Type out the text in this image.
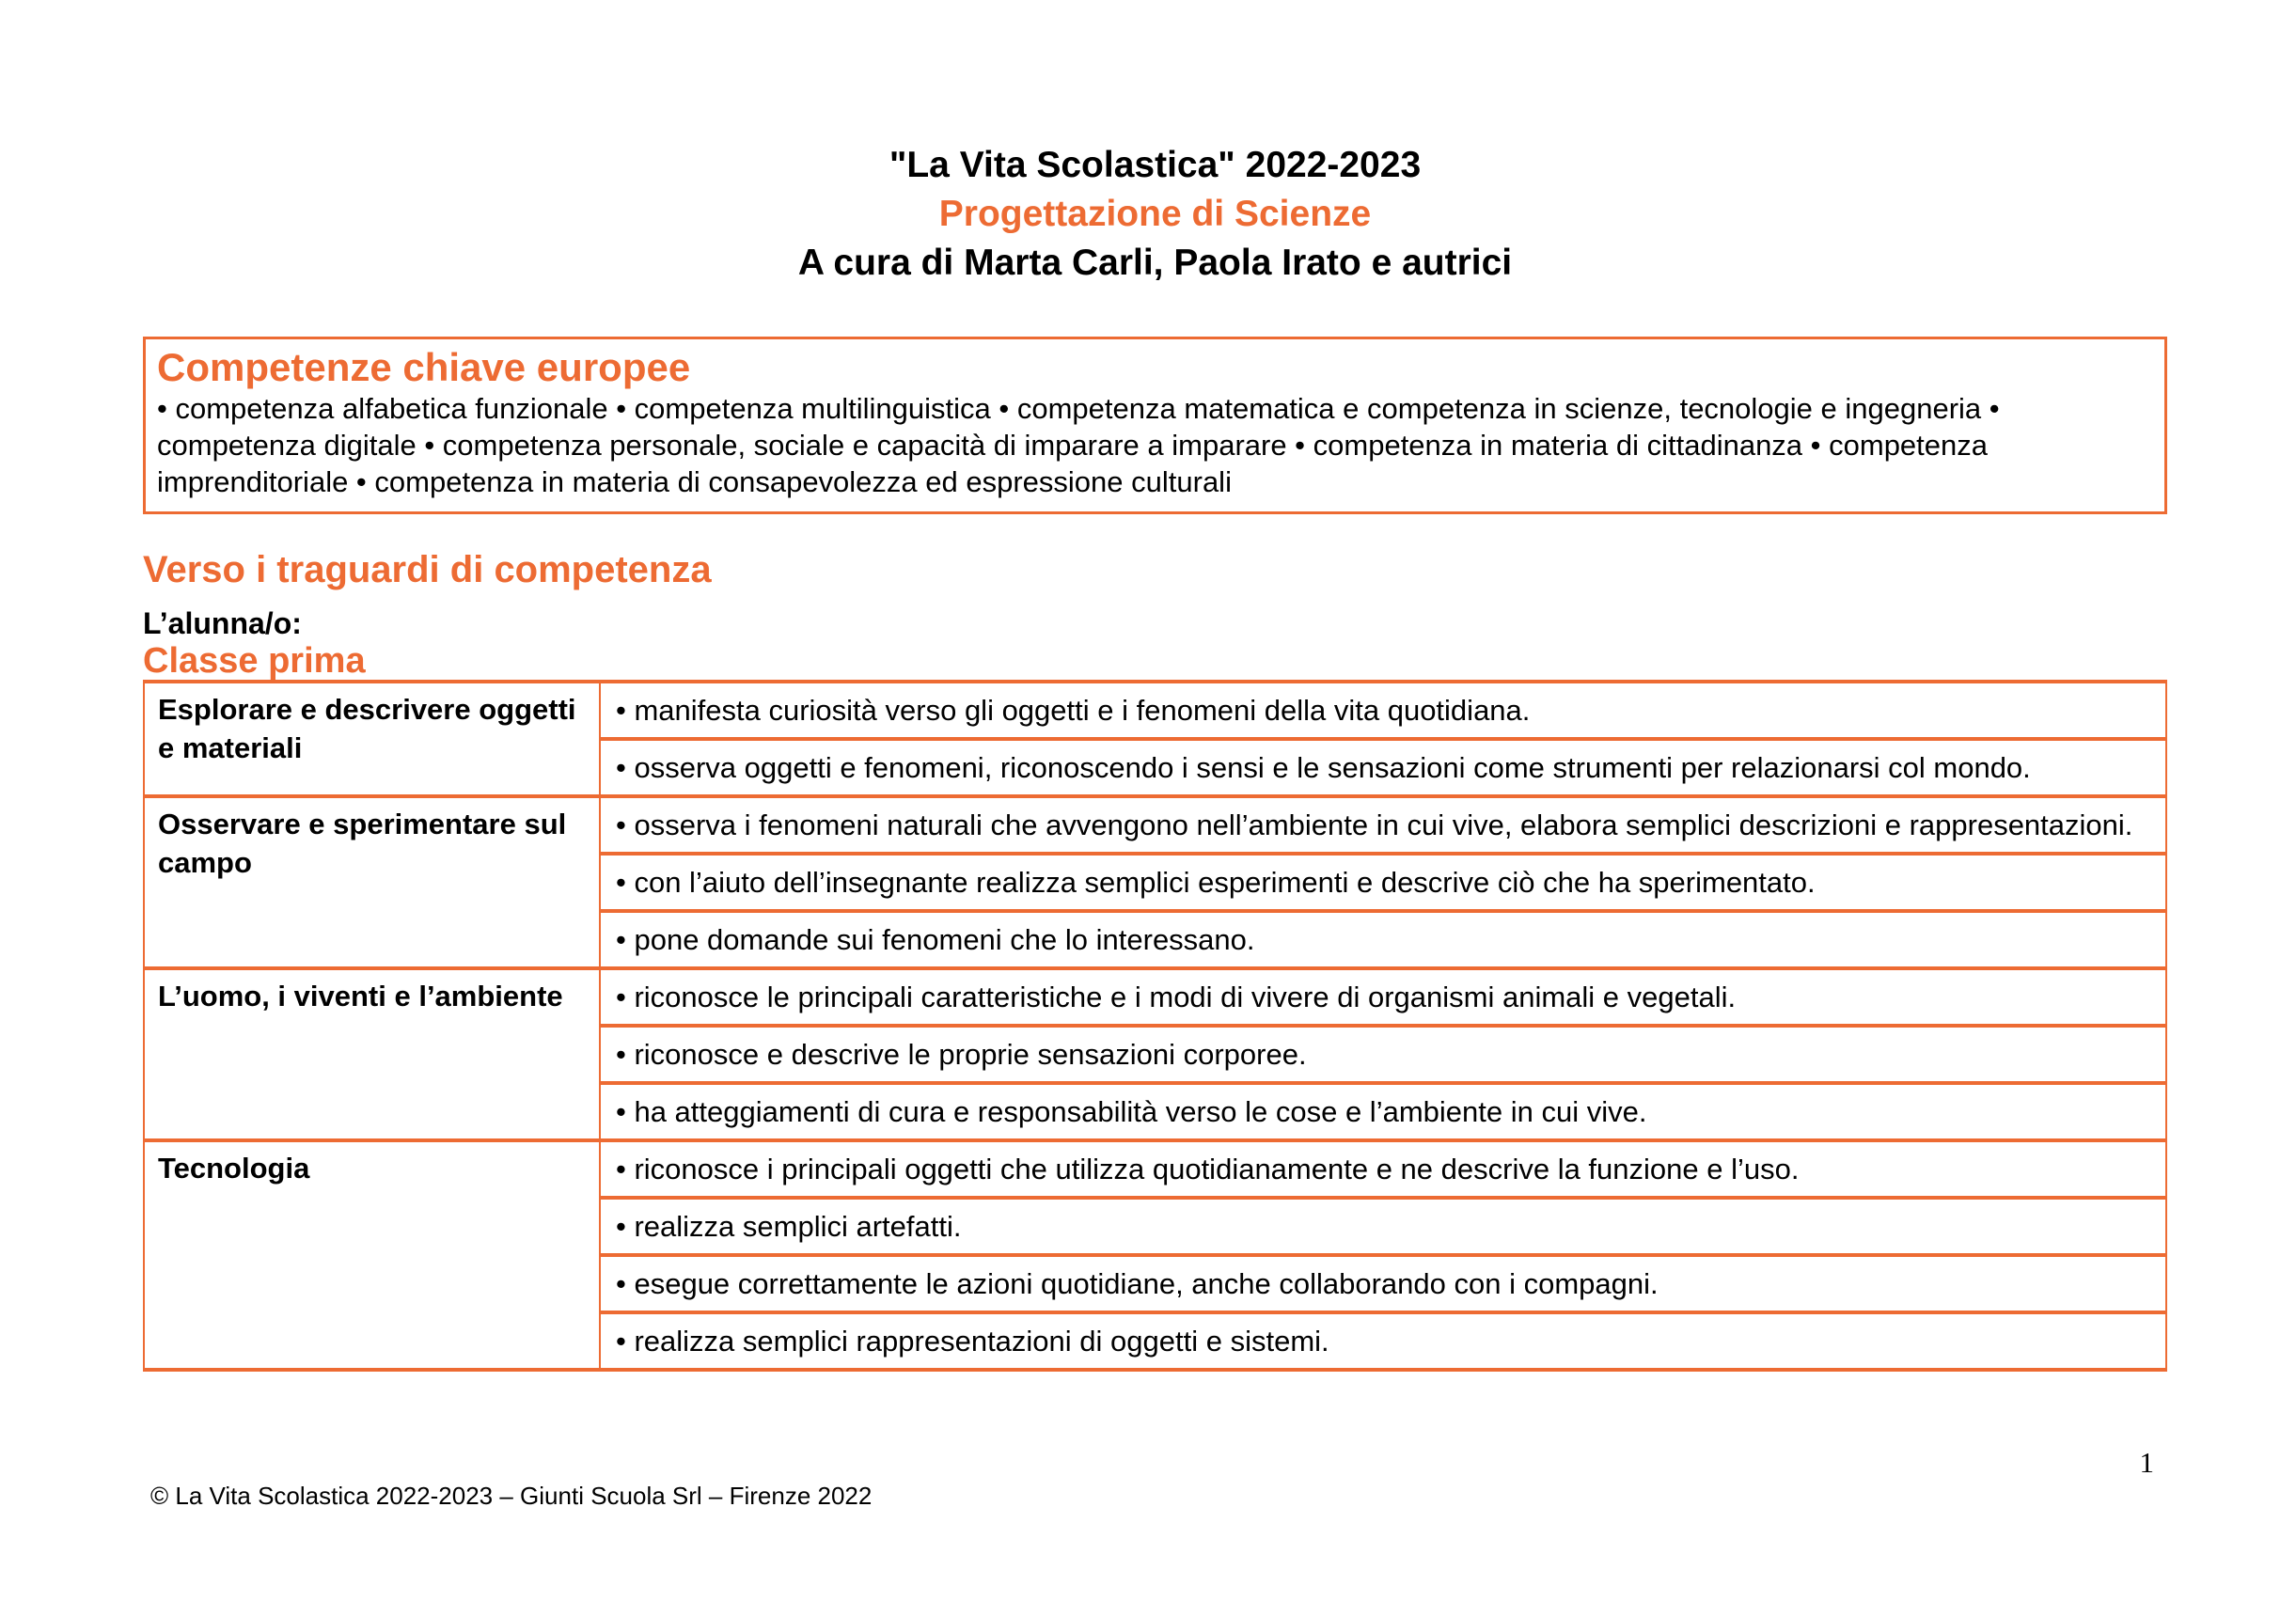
"La Vita Scolastica" 2022-2023
Progettazione di Scienze
A cura di Marta Carli, Paola Irato e autrici
Competenze chiave europee
• competenza alfabetica funzionale • competenza multilinguistica • competenza matematica e competenza in scienze, tecnologie e ingegneria • competenza digitale • competenza personale, sociale e capacità di imparare a imparare • competenza in materia di cittadinanza • competenza imprenditoriale • competenza in materia di consapevolezza ed espressione culturali
Verso i traguardi di competenza
L’alunna/o:
Classe prima
Esplorare e descrivere oggetti e materiali	• manifesta curiosità verso gli oggetti e i fenomeni della vita quotidiana.
	• osserva oggetti e fenomeni, riconoscendo i sensi e le sensazioni come strumenti per relazionarsi col mondo.
Osservare e sperimentare sul campo	• osserva i fenomeni naturali che avvengono nell’ambiente in cui vive, elabora semplici descrizioni e rappresentazioni.
	• con l’aiuto dell’insegnante realizza semplici esperimenti e descrive ciò che ha sperimentato.
	• pone domande sui fenomeni che lo interessano.
L’uomo, i viventi e l’ambiente	• riconosce le principali caratteristiche e i modi di vivere di organismi animali e vegetali.
	• riconosce e descrive le proprie sensazioni corporee.
	• ha atteggiamenti di cura e responsabilità verso le cose e l’ambiente in cui vive.
Tecnologia	• riconosce i principali oggetti che utilizza quotidianamente e ne descrive la funzione e l’uso.
	• realizza semplici artefatti.
	• esegue correttamente le azioni quotidiane, anche collaborando con i compagni.
	• realizza semplici rappresentazioni di oggetti e sistemi.
1
© La Vita Scolastica 2022-2023 – Giunti Scuola Srl – Firenze 2022
